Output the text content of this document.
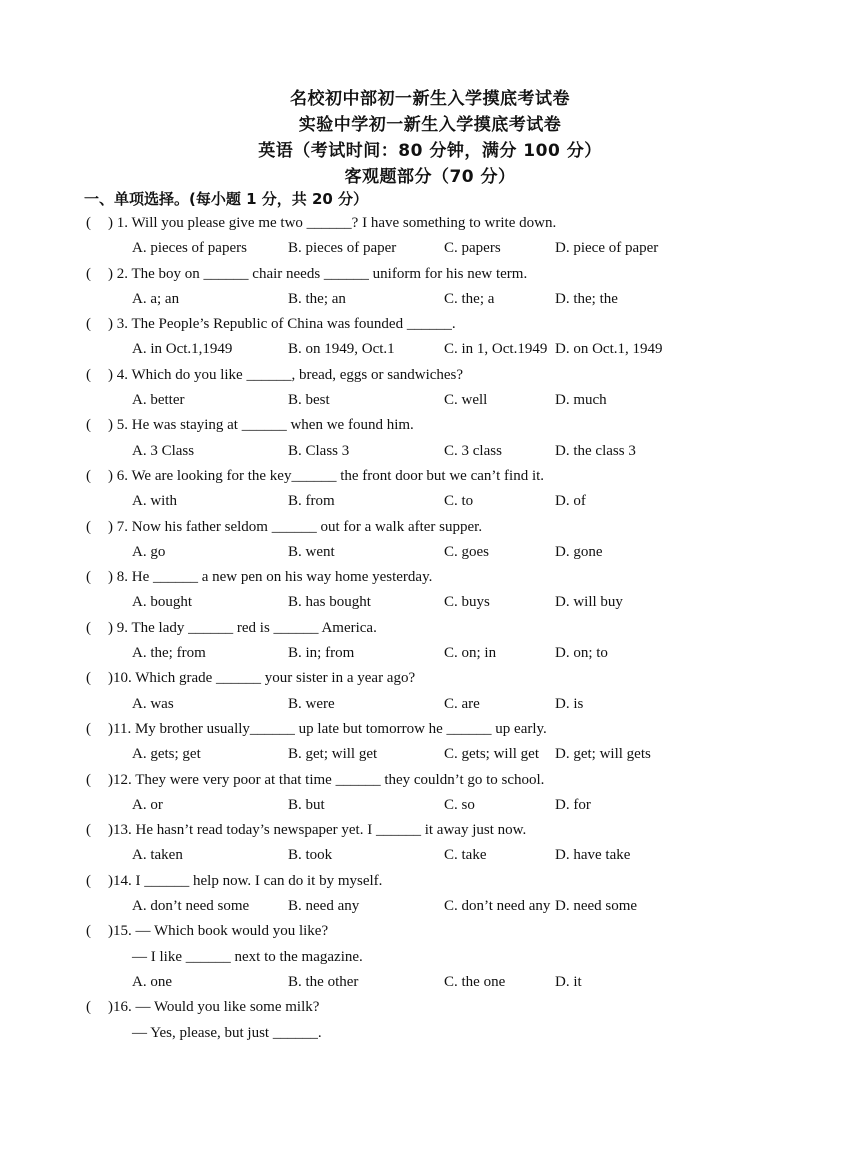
名校初中部初一新生入学摸底考试卷
实验中学初一新生入学摸底考试卷
英语（考试时间：80 分钟，满分 100 分）
客观题部分（70 分）
一、单项选择。(每小题 1 分，共 20 分）
( ) 1. Will you please give me two ______? I have something to write down.
A. pieces of papers	B. pieces of paper	C. papers	D. piece of paper
( ) 2. The boy on ______ chair needs ______ uniform for his new term.
A. a; an	B. the; an	C. the; a	D. the; the
( ) 3. The People’s Republic of China was founded ______.
A. in Oct.1,1949	B. on 1949, Oct.1	C. in 1, Oct.1949 D. on Oct.1, 1949
( ) 4. Which do you like ______, bread, eggs or sandwiches?
A. better	B. best	C. well	D. much
( ) 5. He was staying at ______ when we found him.
A. 3 Class	B. Class 3	C. 3 class	D. the class 3
( ) 6. We are looking for the key______ the front door but we can’t find it.
A. with	B. from	C. to	D. of
( ) 7. Now his father seldom ______ out for a walk after supper.
A. go	B. went	C. goes	D. gone
( ) 8. He ______ a new pen on his way home yesterday.
A. bought	B. has bought	C. buys	D. will buy
( ) 9. The lady ______ red is ______ America.
A. the; from	B. in; from	C. on; in	D. on; to
( )10. Which grade ______ your sister in a year ago?
A. was	B. were	C. are	D. is
( )11. My brother usually______ up late but tomorrow he ______ up early.
A. gets; get	B. get; will get	C. gets; will get D. get; will gets
( )12. They were very poor at that time ______ they couldn’t go to school.
A. or	B. but	C. so	D. for
( )13. He hasn’t read today’s newspaper yet. I ______ it away just now.
A. taken	B. took	C. take	D. have take
( )14. I ______ help now. I can do it by myself.
A. don’t need some	B. need any	C. don’t need any D. need some
( )15. — Which book would you like?
— I like ______ next to the magazine.
A. one	B. the other	C. the one	D. it
( )16. — Would you like some milk?
— Yes, please, but just ______.
